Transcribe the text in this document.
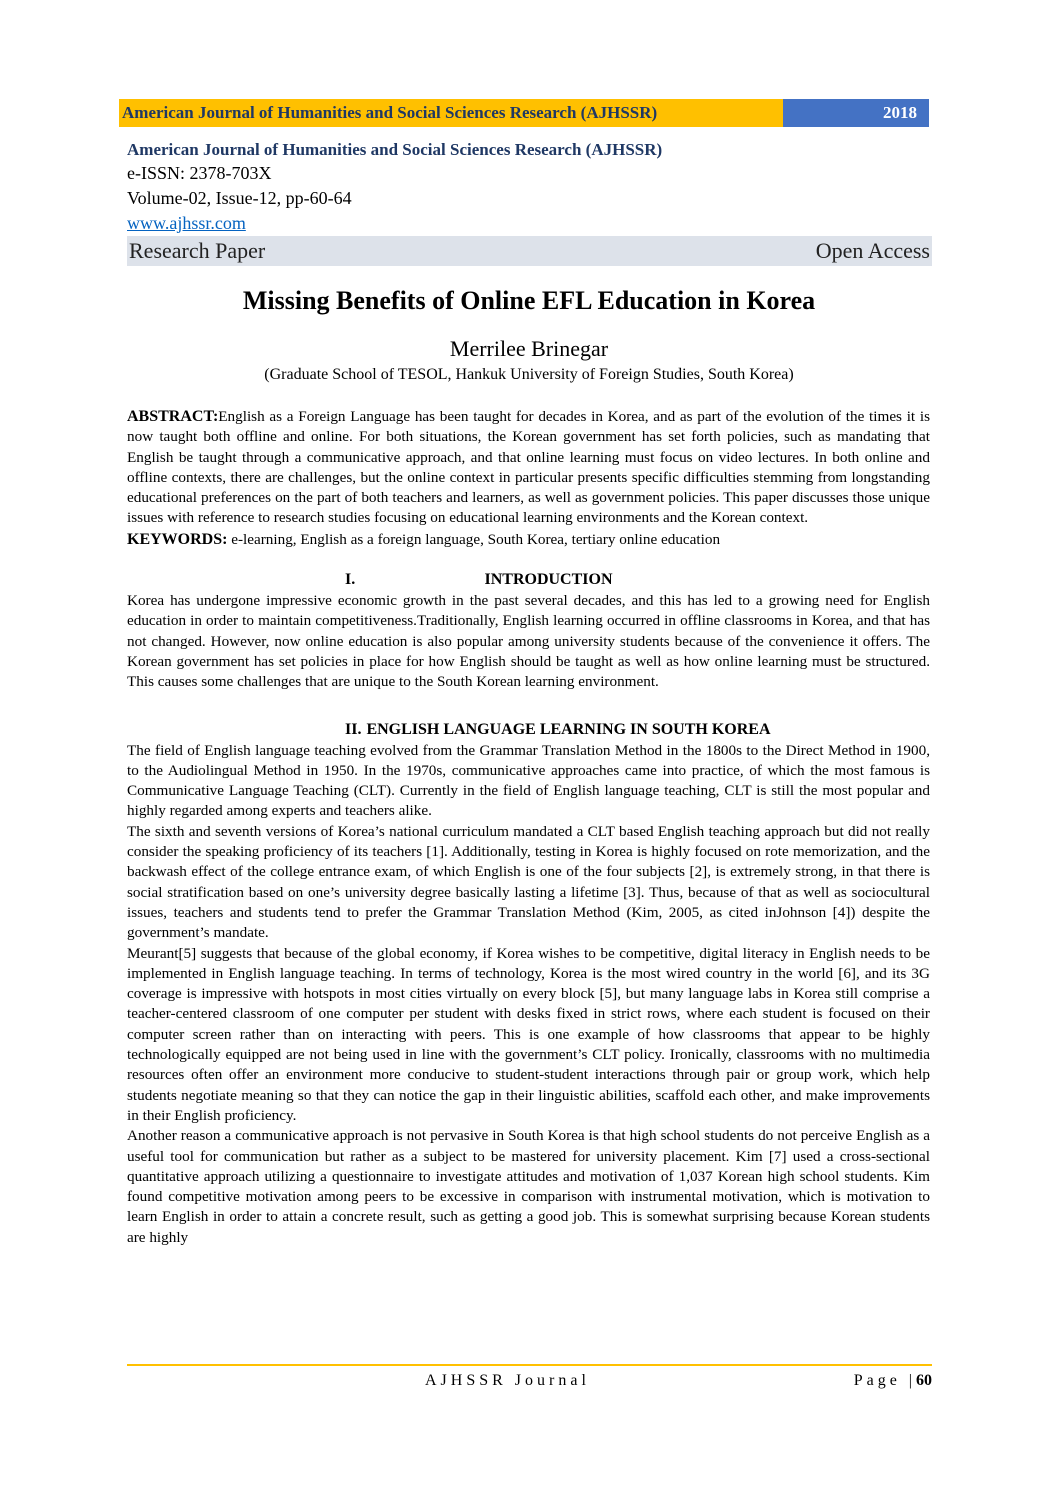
American Journal of Humanities and Social Sciences Research (AJHSSR)	2018
American Journal of Humanities and Social Sciences Research (AJHSSR)
e-ISSN: 2378-703X
Volume-02, Issue-12, pp-60-64
www.ajhssr.com
Research Paper	Open Access
Missing Benefits of Online EFL Education in Korea
Merrilee Brinegar
(Graduate School of TESOL, Hankuk University of Foreign Studies, South Korea)

ABSTRACT:English as a Foreign Language has been taught for decades in Korea, and as part of the evolution of the times it is now taught both offline and online. For both situations, the Korean government has set forth policies, such as mandating that English be taught through a communicative approach, and that online learning must focus on video lectures. In both online and offline contexts, there are challenges, but the online context in particular presents specific difficulties stemming from longstanding educational preferences on the part of both teachers and learners, as well as government policies. This paper discusses those unique issues with reference to research studies focusing on educational learning environments and the Korean context.

KEYWORDS: e-learning, English as a foreign language, South Korea, tertiary online education

I.	INTRODUCTION

Korea has undergone impressive economic growth in the past several decades, and this has led to a growing need for English education in order to maintain competitiveness.Traditionally, English learning occurred in offline classrooms in Korea, and that has not changed. However, now online education is also popular among university students because of the convenience it offers. The Korean government has set policies in place for how English should be taught as well as how online learning must be structured. This causes some challenges that are unique to the South Korean learning environment.

II. ENGLISH LANGUAGE LEARNING IN SOUTH KOREA

The field of English language teaching evolved from the Grammar Translation Method in the 1800s to the Direct Method in 1900, to the Audiolingual Method in 1950. In the 1970s, communicative approaches came into practice, of which the most famous is Communicative Language Teaching (CLT). Currently in the field of English language teaching, CLT is still the most popular and highly regarded among experts and teachers alike.

The sixth and seventh versions of Korea’s national curriculum mandated a CLT based English teaching approach but did not really consider the speaking proficiency of its teachers [1]. Additionally, testing in Korea is highly focused on rote memorization, and the backwash effect of the college entrance exam, of which English is one of the four subjects [2], is extremely strong, in that there is social stratification based on one’s university degree basically lasting a lifetime [3]. Thus, because of that as well as sociocultural issues, teachers and students tend to prefer the Grammar Translation Method (Kim, 2005, as cited inJohnson [4]) despite the government’s mandate.

Meurant[5] suggests that because of the global economy, if Korea wishes to be competitive, digital literacy in English needs to be implemented in English language teaching. In terms of technology, Korea is the most wired country in the world [6], and its 3G coverage is impressive with hotspots in most cities virtually on every block [5], but many language labs in Korea still comprise a teacher-centered classroom of one computer per student with desks fixed in strict rows, where each student is focused on their computer screen rather than on interacting with peers. This is one example of how classrooms that appear to be highly technologically equipped are not being used in line with the government’s CLT policy. Ironically, classrooms with no multimedia resources often offer an environment more conducive to student-student interactions through pair or group work, which help students negotiate meaning so that they can notice the gap in their linguistic abilities, scaffold each other, and make improvements in their English proficiency.

Another reason a communicative approach is not pervasive in South Korea is that high school students do not perceive English as a useful tool for communication but rather as a subject to be mastered for university placement. Kim [7] used a cross-sectional quantitative approach utilizing a questionnaire to investigate attitudes and motivation of 1,037 Korean high school students. Kim found competitive motivation among peers to be excessive in comparison with instrumental motivation, which is motivation to learn English in order to attain a concrete result, such as getting a good job. This is somewhat surprising because Korean students are highly

AJHSSR Journal	Page |60
